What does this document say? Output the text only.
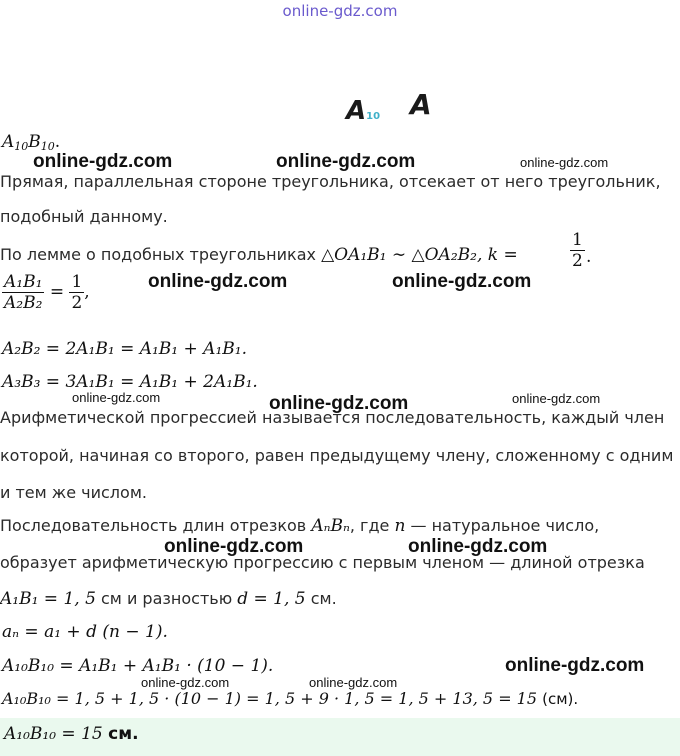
online-gdz.com
A10 A
$A_{10}B_{10}$.
online-gdz.com	online-gdz.com	online-gdz.com
Прямая, параллельная стороне треугольника, отсекает от него треугольник,
подобный данному.
По лемме о подобных треугольниках △OA₁B₁ ∼ △OA₂B₂, k =	$\frac{1}{2}$ .
$\frac{\text{A₁B₁}}{\text{A₂B₂}} = \frac{1}{2}$ ,	online-gdz.com	online-gdz.com
A₂B₂ = 2A₁B₁ = A₁B₁ + A₁B₁.
A₃B₃ = 3A₁B₁ = A₁B₁ + 2A₁B₁.
online-gdz.com	online-gdz.com	online-gdz.com
Арифметической прогрессией называется последовательность, каждый член
которой, начиная со второго, равен предыдущему члену, сложенному с одним
и тем же числом.
Последовательность длин отрезков AₙBₙ, где n — натуральное число,
online-gdz.com	online-gdz.com
образует арифметическую прогрессию с первым членом — длиной отрезка
A₁B₁ = 1, 5 см и разностью d = 1, 5 см.
aₙ = a₁ + d (n − 1).
A₁₀B₁₀ = A₁B₁ + A₁B₁ · (10 − 1).	online-gdz.com
online-gdz.com	online-gdz.com
A₁₀B₁₀ = 1, 5 + 1, 5 · (10 − 1) = 1, 5 + 9 · 1, 5 = 1, 5 + 13, 5 = 15 (см).
A₁₀B₁₀ = 15 см.
